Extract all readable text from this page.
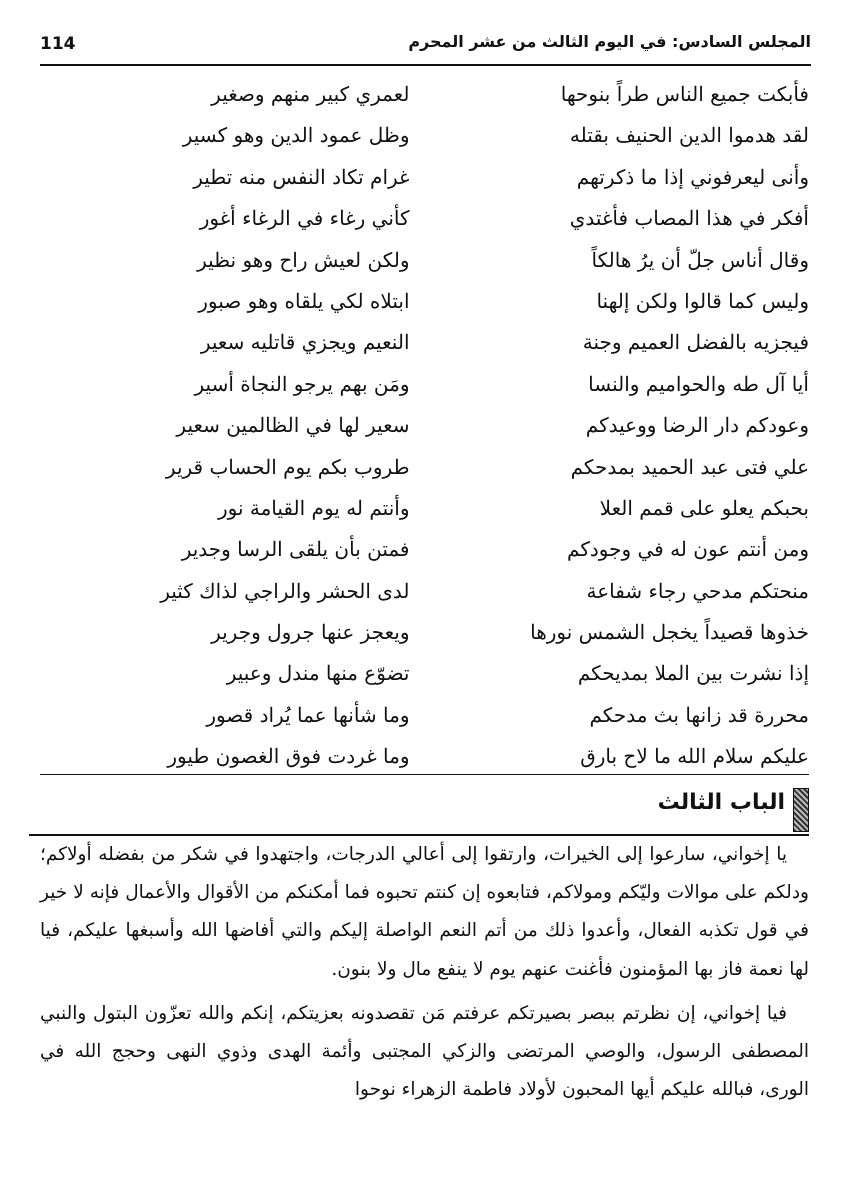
114	المجلس السادس: في اليوم الثالث من عشر المحرم
فأبكت جميع الناس طراً بنوحها
لعمري كبير منهم وصغير
لقد هدموا الدين الحنيف بقتله
وظل عمود الدين وهو كسير
وأنى ليعرفوني إذا ما ذكرتهم
غرام تكاد النفس منه تطير
أفكر في هذا المصاب فأغتدي
كأني رغاء في الرغاء أغور
وقال أناس جلّ أن يرُ هالكاً
ولكن لعيش راح وهو نظير
وليس كما قالوا ولكن إلهنا
ابتلاه لكي يلقاه وهو صبور
فيجزيه بالفضل العميم وجنة
النعيم ويجزي قاتليه سعير
أيا آل طه والحواميم والنسا
ومَن بهم يرجو النجاة أسير
وعودكم دار الرضا ووعيدكم
سعير لها في الظالمين سعير
علي فتى عبد الحميد بمدحكم
طروب بكم يوم الحساب قرير
بحبكم يعلو على قمم العلا
وأنتم له يوم القيامة نور
ومن أنتم عون له في وجودكم
فمتن بأن يلقى الرسا وجدير
منحتكم مدحي رجاء شفاعة
لدى الحشر والراجي لذاك كثير
خذوها قصيداً يخجل الشمس نورها
ويعجز عنها جرول وجرير
إذا نشرت بين الملا بمديحكم
تضوّع منها مندل وعبير
محررة قد زانها بث مدحكم
وما شأنها عما يُراد قصور
عليكم سلام الله ما لاح بارق
وما غردت فوق الغصون طيور
الباب الثالث

يا إخواني، سارعوا إلى الخيرات، وارتقوا إلى أعالي الدرجات، واجتهدوا في شكر من بفضله أولاكم؛ ودلكم على موالات وليّكم ومولاكم، فتابعوه إن كنتم تحبوه فما أمكنكم من الأقوال والأعمال فإنه لا خير في قول تكذبه الفعال، وأعدوا ذلك من أتم النعم الواصلة إليكم والتي أفاضها الله وأسبغها عليكم، فيا لها نعمة فاز بها المؤمنون فأغنت عنهم يوم لا ينفع مال ولا بنون.

فيا إخواني، إن نظرتم ببصر بصيرتكم عرفتم مَن تقصدونه بعزيتكم، إنكم والله تعزّون البتول والنبي المصطفى الرسول، والوصي المرتضى والزكي المجتبى وأئمة الهدى وذوي النهى وحجج الله في الورى، فبالله عليكم أيها المحبون لأولاد فاطمة الزهراء نوحوا
